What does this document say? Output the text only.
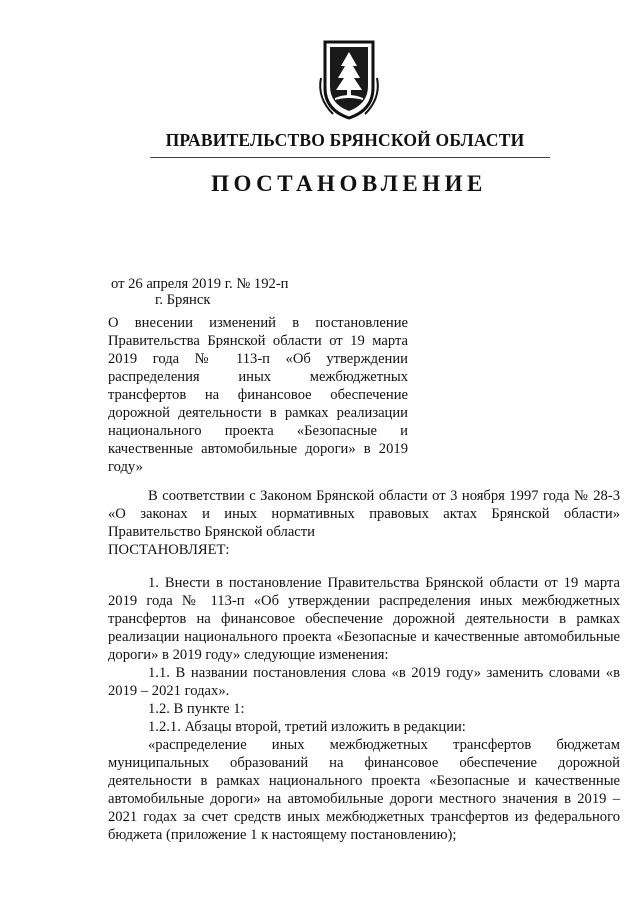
ПРАВИТЕЛЬСТВО БРЯНСКОЙ ОБЛАСТИ
ПОСТАНОВЛЕНИЕ
от 26 апреля 2019 г. № 192-п
г. Брянск
О внесении изменений в постановление Правительства Брянской области от 19 марта 2019 года № 113-п «Об утверждении распределения иных межбюджетных трансфертов на финансовое обеспечение дорожной деятельности в рамках реализации национального проекта «Безопасные и качественные автомобильные дороги» в 2019 году»

В соответствии с Законом Брянской области от 3 ноября 1997 года № 28-3 «О законах и иных нормативных правовых актах Брянской области» Правительство Брянской области

ПОСТАНОВЛЯЕТ:

1. Внести в постановление Правительства Брянской области от 19 марта 2019 года № 113-п «Об утверждении распределения иных межбюджетных трансфертов на финансовое обеспечение дорожной деятельности в рамках реализации национального проекта «Безопасные и качественные автомобильные дороги» в 2019 году» следующие изменения:

1.1. В названии постановления слова «в 2019 году» заменить словами «в 2019 – 2021 годах».

1.2. В пункте 1:

1.2.1. Абзацы второй, третий изложить в редакции:

«распределение иных межбюджетных трансфертов бюджетам муниципальных образований на финансовое обеспечение дорожной деятельности в рамках национального проекта «Безопасные и качественные автомобильные дороги» на автомобильные дороги местного значения в 2019 – 2021 годах за счет средств иных межбюджетных трансфертов из федерального бюджета (приложение 1 к настоящему постановлению);
